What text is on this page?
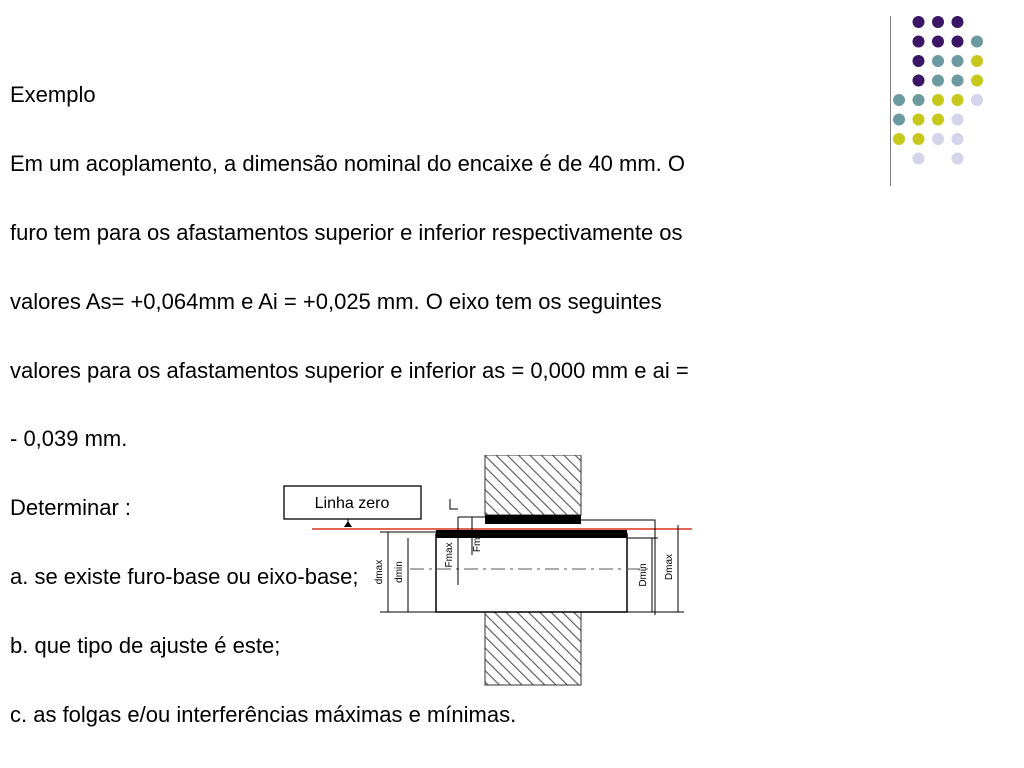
Exemplo

Em um acoplamento, a dimensão nominal do encaixe é de 40 mm. O

furo tem para os afastamentos superior e inferior respectivamente os

valores As= +0,064mm e Ai = +0,025 mm. O eixo tem os seguintes

valores para os afastamentos superior e inferior as = 0,000 mm e ai =

- 0,039 mm.

Determinar :

a. se existe furo-base ou eixo-base;

b. que tipo de ajuste é este;

c. as folgas e/ou interferências máximas e mínimas.

Linha zero
dmax dmin
Fmax
Fmin
Dmin Dmax
